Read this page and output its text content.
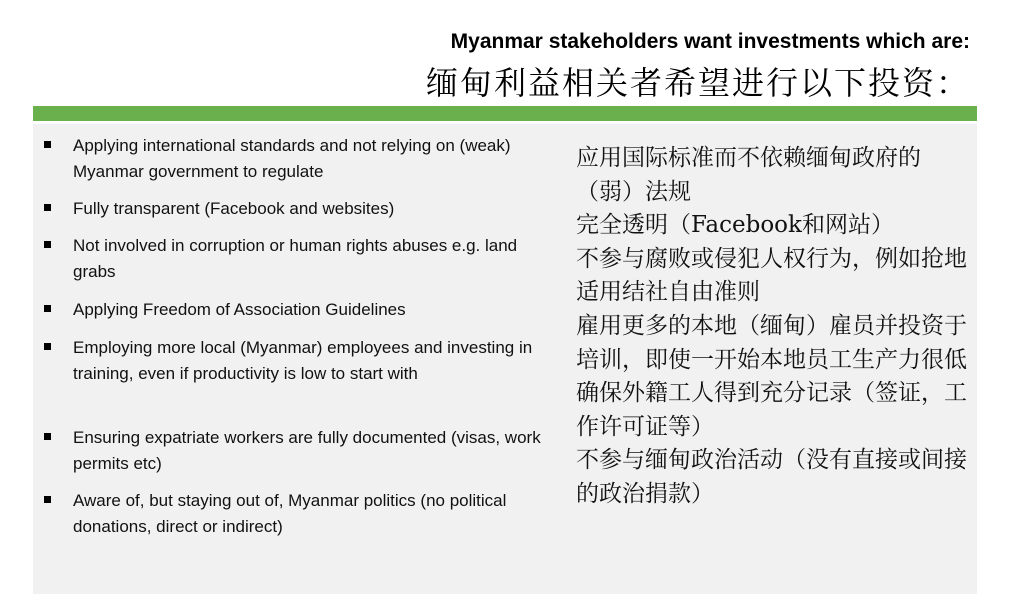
Myanmar stakeholders want investments which are:
缅甸利益相关者希望进行以下投资：
Applying international standards and not relying on (weak) Myanmar government to regulate
Fully transparent (Facebook and websites)
Not involved in corruption or human rights abuses e.g. land grabs
Applying Freedom of Association Guidelines
Employing more local (Myanmar) employees and investing in training, even if productivity is low to start with
Ensuring expatriate workers are fully documented (visas, work permits etc)
Aware of, but staying out of, Myanmar politics (no political donations, direct or indirect)
应用国际标准而不依赖缅甸政府的（弱）法规
完全透明（Facebook和网站）
不参与腐败或侵犯人权行为，例如抢地
适用结社自由准则
雇用更多的本地（缅甸）雇员并投资于培训，即使一开始本地员工生产力很低
确保外籍工人得到充分记录（签证，工作许可证等）
不参与缅甸政治活动（没有直接或间接的政治捐款）
